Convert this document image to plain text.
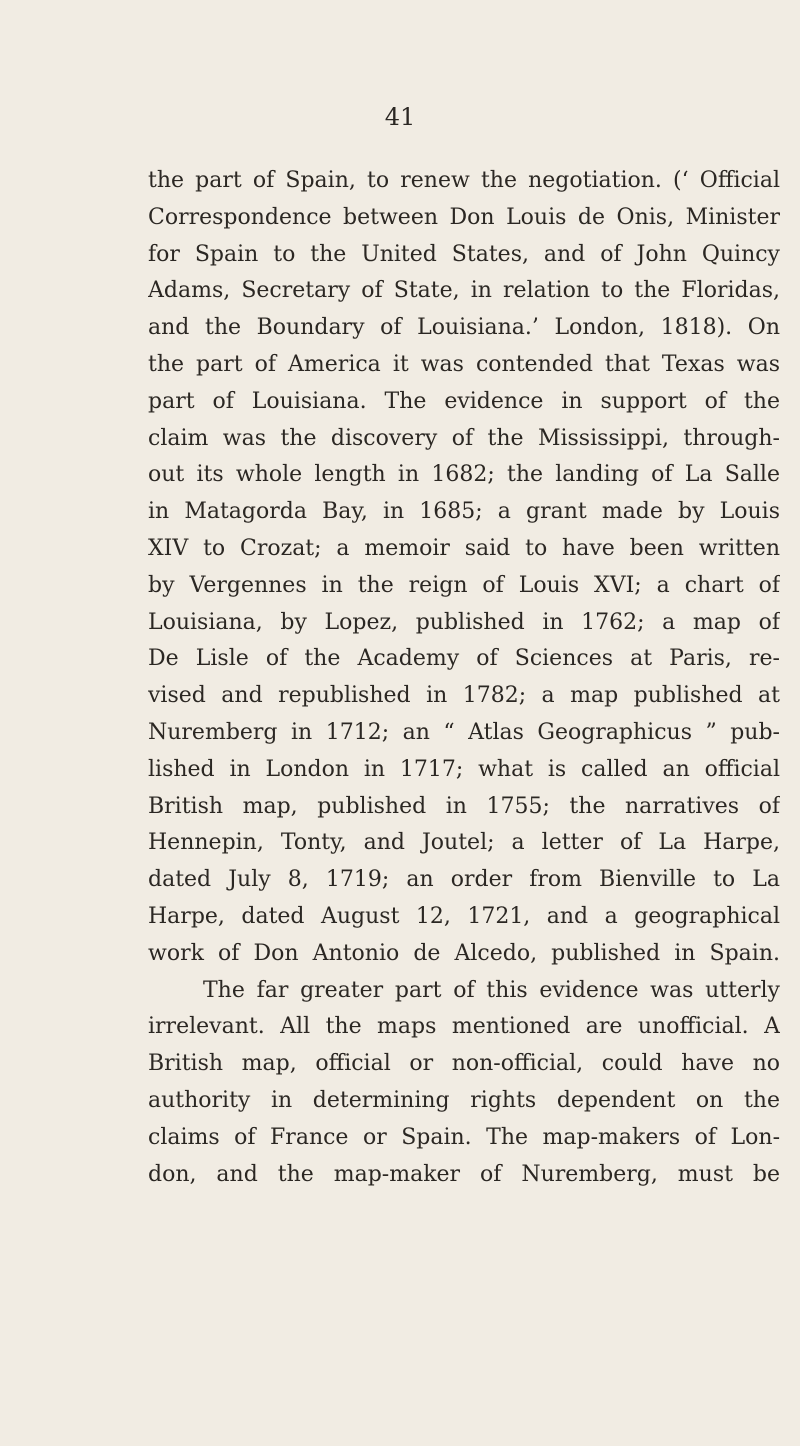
41
the part of Spain, to renew the negotiation. (‘ Official
Correspondence between Don Louis de Onis, Minister
for Spain to the United States, and of John Quincy
Adams, Secretary of State, in relation to the Floridas,
and the Boundary of Louisiana.’ London, 1818). On
the part of America it was contended that Texas was
part of Louisiana. The evidence in support of the
claim was the discovery of the Mississippi, through-
out its whole length in 1682; the landing of La Salle
in Matagorda Bay, in 1685; a grant made by Louis
XIV to Crozat; a memoir said to have been written
by Vergennes in the reign of Louis XVI; a chart of
Louisiana, by Lopez, published in 1762; a map of
De Lisle of the Academy of Sciences at Paris, re-
vised and republished in 1782; a map published at
Nuremberg in 1712; an “ Atlas Geographicus ” pub-
lished in London in 1717; what is called an official
British map, published in 1755; the narratives of
Hennepin, Tonty, and Joutel; a letter of La Harpe,
dated July 8, 1719; an order from Bienville to La
Harpe, dated August 12, 1721, and a geographical
work of Don Antonio de Alcedo, published in Spain.
The far greater part of this evidence was utterly
irrelevant. All the maps mentioned are unofficial. A
British map, official or non-official, could have no
authority in determining rights dependent on the
claims of France or Spain. The map-makers of Lon-
don, and the map-maker of Nuremberg, must be
